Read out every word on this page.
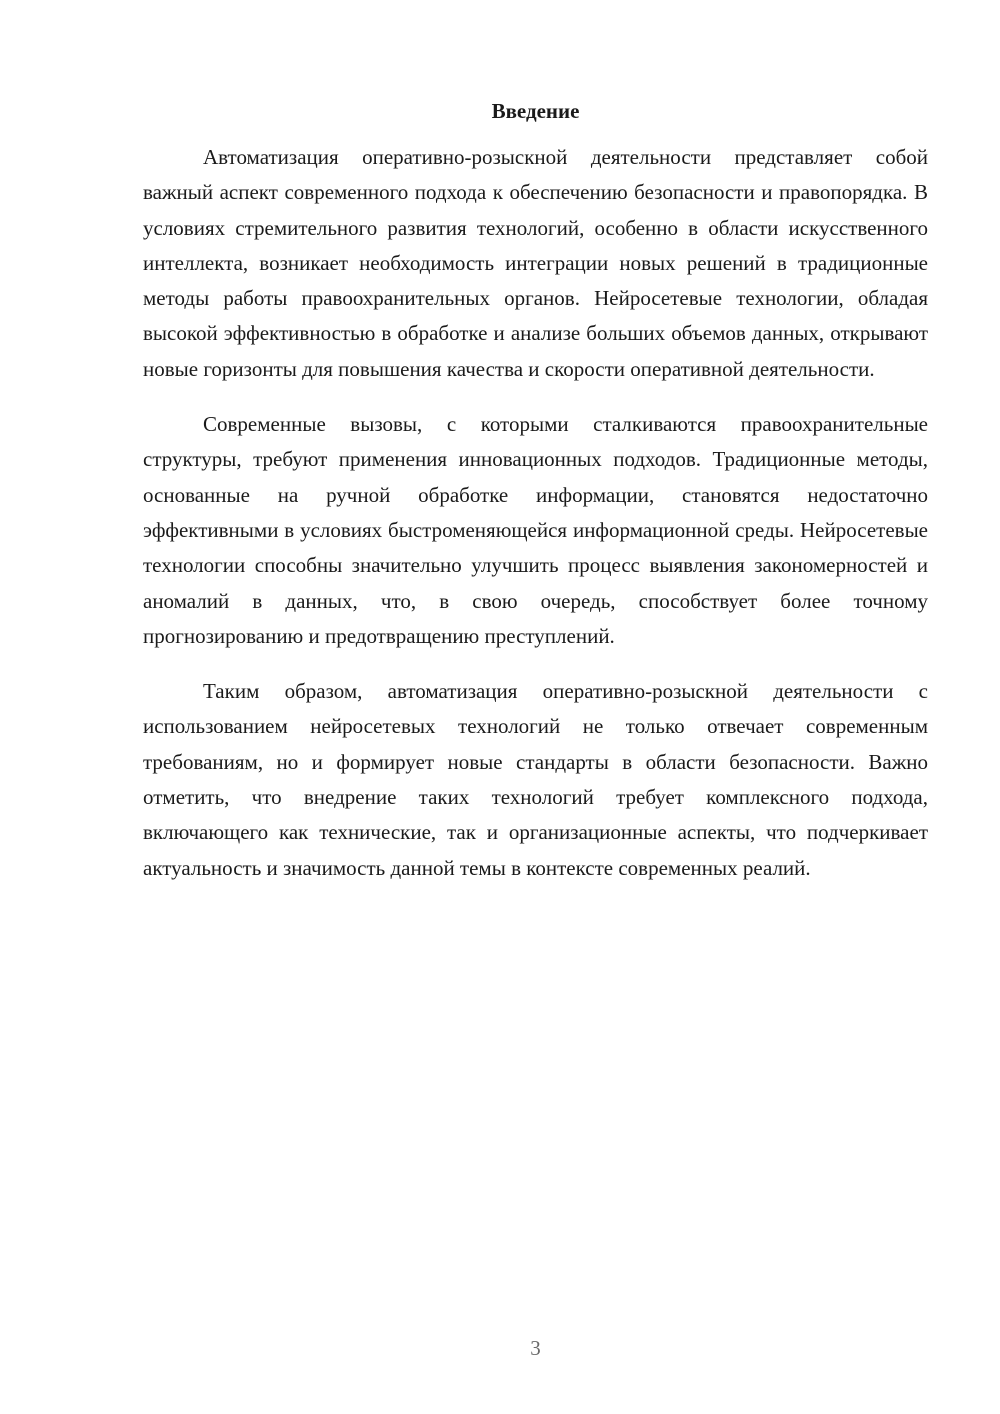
Введение

Автоматизация оперативно-розыскной деятельности представляет собой важный аспект современного подхода к обеспечению безопасности и правопорядка. В условиях стремительного развития технологий, особенно в области искусственного интеллекта, возникает необходимость интеграции новых решений в традиционные методы работы правоохранительных органов. Нейросетевые технологии, обладая высокой эффективностью в обработке и анализе больших объемов данных, открывают новые горизонты для повышения качества и скорости оперативной деятельности.

Современные вызовы, с которыми сталкиваются правоохранительные структуры, требуют применения инновационных подходов. Традиционные методы, основанные на ручной обработке информации, становятся недостаточно эффективными в условиях быстроменяющейся информационной среды. Нейросетевые технологии способны значительно улучшить процесс выявления закономерностей и аномалий в данных, что, в свою очередь, способствует более точному прогнозированию и предотвращению преступлений.

Таким образом, автоматизация оперативно-розыскной деятельности с использованием нейросетевых технологий не только отвечает современным требованиям, но и формирует новые стандарты в области безопасности. Важно отметить, что внедрение таких технологий требует комплексного подхода, включающего как технические, так и организационные аспекты, что подчеркивает актуальность и значимость данной темы в контексте современных реалий.

3
